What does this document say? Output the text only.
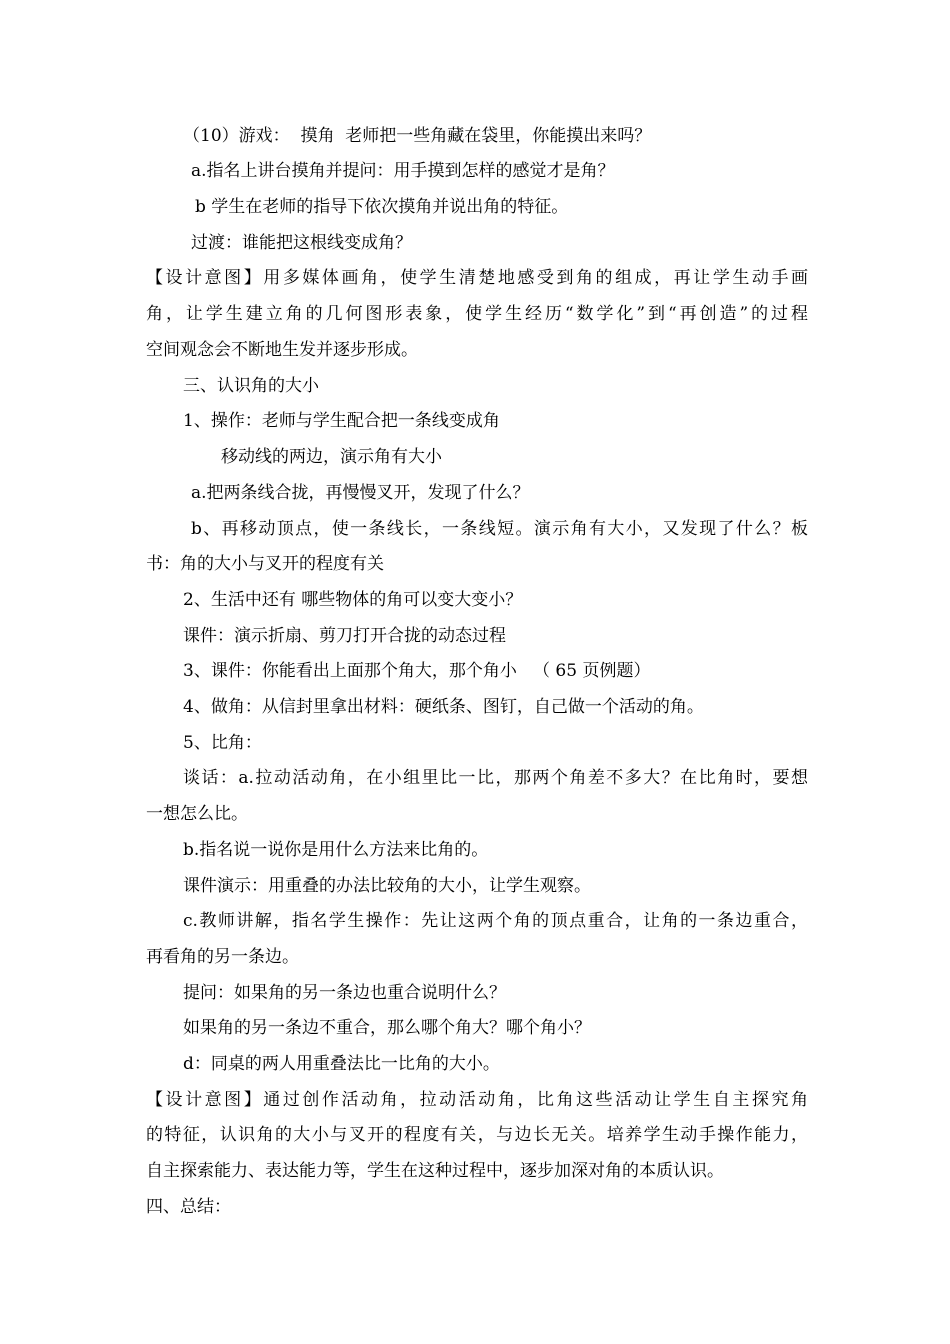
（10）游戏：  摸角  老师把一些角藏在袋里，你能摸出来吗？

a.指名上讲台摸角并提问：用手摸到怎样的感觉才是角？

b 学生在老师的指导下依次摸角并说出角的特征。

过渡：谁能把这根线变成角？

【设计意图】用多媒体画角，使学生清楚地感受到角的组成，再让学生动手画

角，让学生建立角的几何图形表象，使学生经历“数学化”到“再创造”的过程

空间观念会不断地生发并逐步形成。

三、认识角的大小

1、操作：老师与学生配合把一条线变成角

移动线的两边，演示角有大小

a.把两条线合拢，再慢慢叉开，发现了什么？

b、再移动顶点，使一条线长，一条线短。演示角有大小，又发现了什么？板

书：角的大小与叉开的程度有关

2、生活中还有 哪些物体的角可以变大变小？

课件：演示折扇、剪刀打开合拢的动态过程

3、课件：你能看出上面那个角大，那个角小   （ 65 页例题）

4、做角：从信封里拿出材料：硬纸条、图钉，自己做一个活动的角。

5、比角：

谈话：a.拉动活动角，在小组里比一比，那两个角差不多大？在比角时，要想

一想怎么比。

b.指名说一说你是用什么方法来比角的。

课件演示：用重叠的办法比较角的大小，让学生观察。

c.教师讲解，指名学生操作：先让这两个角的顶点重合，让角的一条边重合，

再看角的另一条边。

提问：如果角的另一条边也重合说明什么？

如果角的另一条边不重合，那么哪个角大？哪个角小？

d：同桌的两人用重叠法比一比角的大小。

【设计意图】通过创作活动角，拉动活动角，比角这些活动让学生自主探究角

的特征，认识角的大小与叉开的程度有关，与边长无关。培养学生动手操作能力，

自主探索能力、表达能力等，学生在这种过程中，逐步加深对角的本质认识。

四、总结：
